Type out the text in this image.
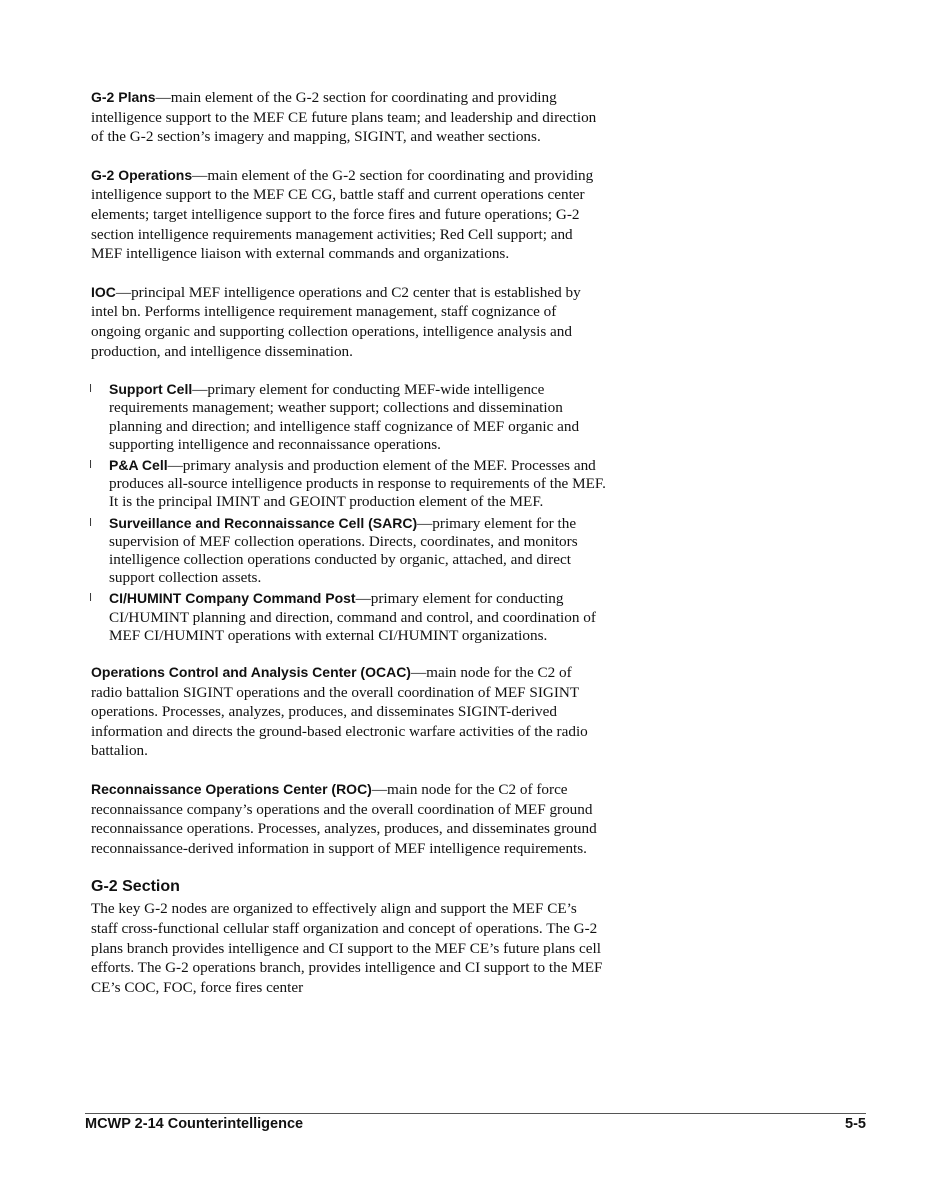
G-2 Plans—main element of the G-2 section for coordinating and providing intelligence support to the MEF CE future plans team; and leadership and direction of the G-2 section’s imagery and mapping, SIGINT, and weather sections.

G-2 Operations—main element of the G-2 section for coordinating and providing intelligence support to the MEF CE CG, battle staff and current operations center elements; target intelligence support to the force fires and future operations; G-2 section intelligence requirements management activities; Red Cell support; and MEF intelligence liaison with external commands and organizations.

IOC—principal MEF intelligence operations and C2 center that is established by intel bn. Performs intelligence requirement management, staff cognizance of ongoing organic and supporting collection operations, intelligence analysis and production, and intelligence dissemination.

l Support Cell—primary element for conducting MEF-wide intelligence requirements management; weather support; collections and dissemination planning and direction; and intelligence staff cognizance of MEF organic and supporting intelligence and reconnaissance operations.
l P&A Cell—primary analysis and production element of the MEF. Processes and produces all-source intelligence products in response to requirements of the MEF. It is the principal IMINT and GEOINT production element of the MEF.
l Surveillance and Reconnaissance Cell (SARC)—primary element for the supervision of MEF collection operations. Directs, coordinates, and monitors intelligence collection operations conducted by organic, attached, and direct support collection assets.
l CI/HUMINT Company Command Post—primary element for conducting CI/HUMINT planning and direction, command and control, and coordination of MEF CI/HUMINT operations with external CI/HUMINT organizations.

Operations Control and Analysis Center (OCAC)—main node for the C2 of radio battalion SIGINT operations and the overall coordination of MEF SIGINT operations. Processes, analyzes, produces, and disseminates SIGINT-derived information and directs the ground-based electronic warfare activities of the radio battalion.

Reconnaissance Operations Center (ROC)—main node for the C2 of force reconnaissance company’s operations and the overall coordination of MEF ground reconnaissance operations. Processes, analyzes, produces, and disseminates ground reconnaissance-derived information in support of MEF intelligence requirements.

G-2 Section

The key G-2 nodes are organized to effectively align and support the MEF CE’s staff cross-functional cellular staff organization and concept of operations. The G-2 plans branch provides intelligence and CI support to the MEF CE’s future plans cell efforts. The G-2 operations branch, provides intelligence and CI support to the MEF CE’s COC, FOC, force fires center

MCWP 2-14 Counterintelligence	5-5
